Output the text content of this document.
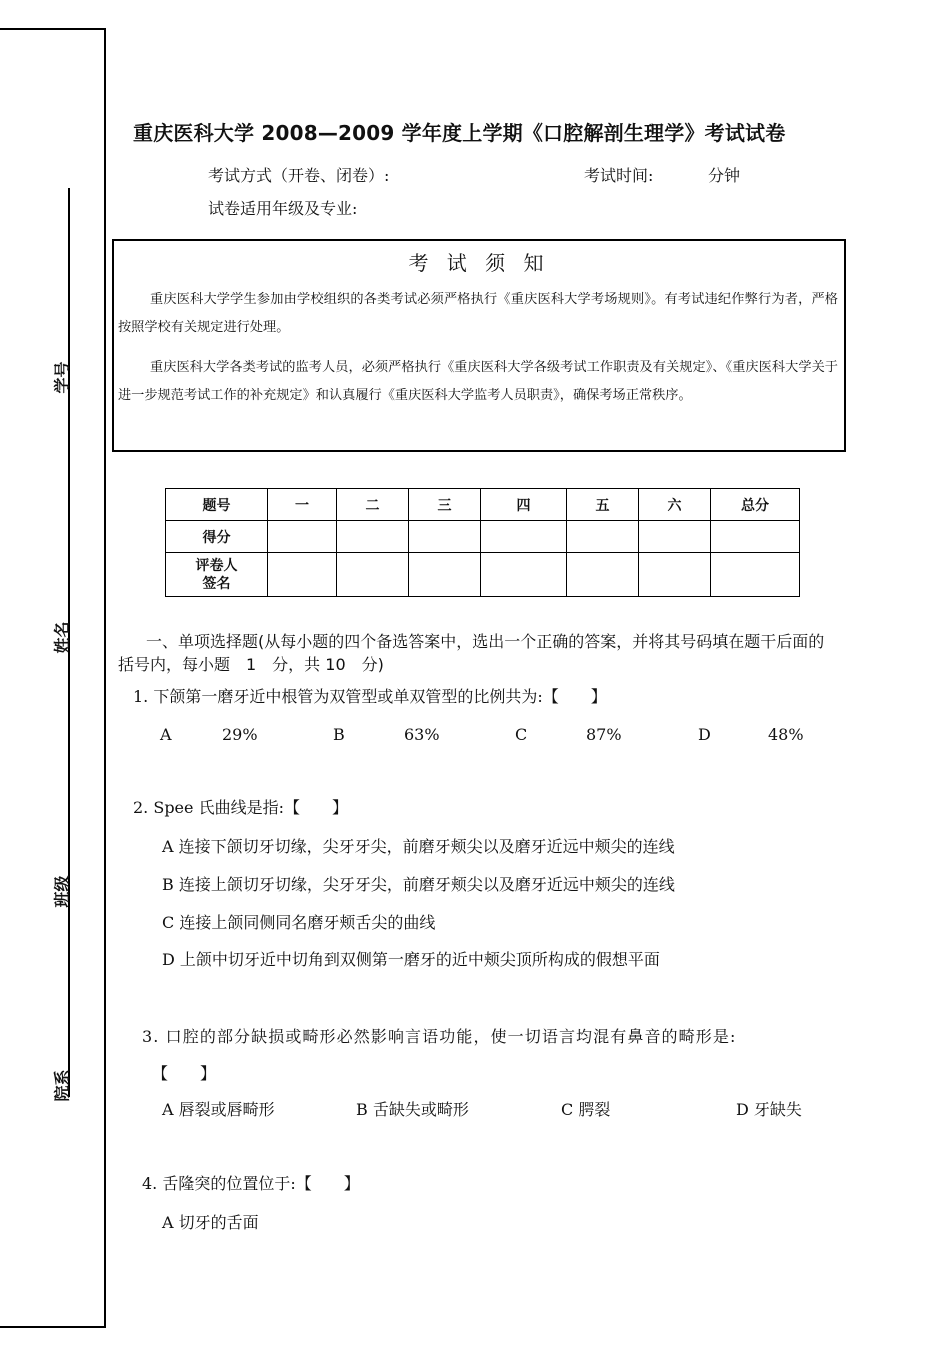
学号
姓名
班级
院系
重庆医科大学 2008—2009 学年度上学期《口腔解剖生理学》考试试卷
考试方式（开卷、闭卷）:	考试时间:	分钟
试卷适用年级及专业:
考 试 须 知
重庆医科大学学生参加由学校组织的各类考试必须严格执行《重庆医科大学考场规则》。有考试违纪作弊行为者，严格按照学校有关规定进行处理。
重庆医科大学各类考试的监考人员，必须严格执行《重庆医科大学各级考试工作职责及有关规定》、《重庆医科大学关于进一步规范考试工作的补充规定》和认真履行《重庆医科大学监考人员职责》，确保考场正常秩序。
题号	一	二	三	四	五	六	总分
得分							

评卷人
签名							

一、单项选择题(从每小题的四个备选答案中，选出一个正确的答案，并将其号码填在题干后面的括号内，每小题　1　分，共 10　分)
1. 下颌第一磨牙近中根管为双管型或单双管型的比例共为:【　　】
A	29%	B	63%	C	87%	D	48%
2. Spee 氏曲线是指:【　　】
A 连接下颌切牙切缘，尖牙牙尖，前磨牙颊尖以及磨牙近远中颊尖的连线
B 连接上颌切牙切缘，尖牙牙尖，前磨牙颊尖以及磨牙近远中颊尖的连线
C 连接上颌同侧同名磨牙颊舌尖的曲线
D 上颌中切牙近中切角到双侧第一磨牙的近中颊尖顶所构成的假想平面
3. 口腔的部分缺损或畸形必然影响言语功能，使一切语言均混有鼻音的畸形是:
【　　】
A 唇裂或唇畸形	B 舌缺失或畸形	C 腭裂	D 牙缺失
4. 舌隆突的位置位于:【　　】
A 切牙的舌面
